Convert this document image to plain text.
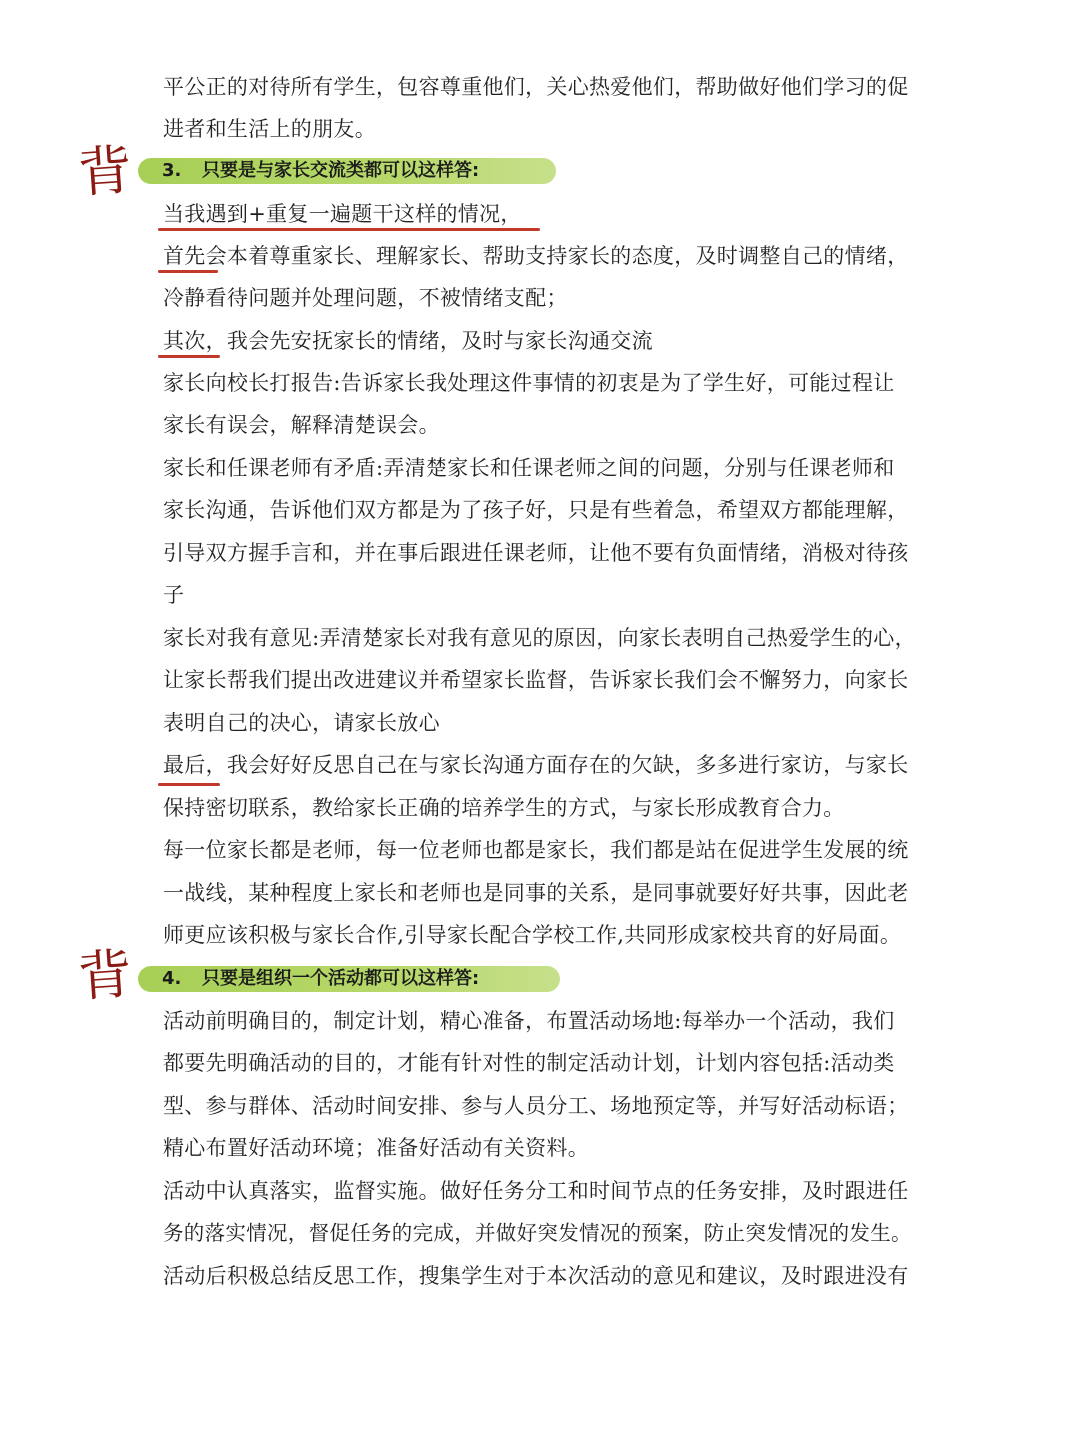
平公正的对待所有学生，包容尊重他们，关心热爱他们，帮助做好他们学习的促
进者和生活上的朋友。
背	3. 只要是与家长交流类都可以这样答:
当我遇到+重复一遍题干这样的情况，
首先会本着尊重家长、理解家长、帮助支持家长的态度，及时调整自己的情绪，
冷静看待问题并处理问题，不被情绪支配；
其次，我会先安抚家长的情绪，及时与家长沟通交流
家长向校长打报告:告诉家长我处理这件事情的初衷是为了学生好，可能过程让
家长有误会，解释清楚误会。
家长和任课老师有矛盾:弄清楚家长和任课老师之间的问题，分别与任课老师和
家长沟通，告诉他们双方都是为了孩子好，只是有些着急，希望双方都能理解，
引导双方握手言和，并在事后跟进任课老师，让他不要有负面情绪，消极对待孩
子
家长对我有意见:弄清楚家长对我有意见的原因，向家长表明自己热爱学生的心，
让家长帮我们提出改进建议并希望家长监督，告诉家长我们会不懈努力，向家长
表明自己的决心，请家长放心
最后，我会好好反思自己在与家长沟通方面存在的欠缺，多多进行家访，与家长
保持密切联系，教给家长正确的培养学生的方式，与家长形成教育合力。
每一位家长都是老师，每一位老师也都是家长，我们都是站在促进学生发展的统
一战线，某种程度上家长和老师也是同事的关系，是同事就要好好共事，因此老
师更应该积极与家长合作,引导家长配合学校工作,共同形成家校共育的好局面。
背	4. 只要是组织一个活动都可以这样答:
活动前明确目的，制定计划，精心准备，布置活动场地:每举办一个活动，我们
都要先明确活动的目的，才能有针对性的制定活动计划，计划内容包括:活动类
型、参与群体、活动时间安排、参与人员分工、场地预定等，并写好活动标语；
精心布置好活动环境；准备好活动有关资料。
活动中认真落实，监督实施。做好任务分工和时间节点的任务安排，及时跟进任
务的落实情况，督促任务的完成，并做好突发情况的预案，防止突发情况的发生。
活动后积极总结反思工作，搜集学生对于本次活动的意见和建议，及时跟进没有
